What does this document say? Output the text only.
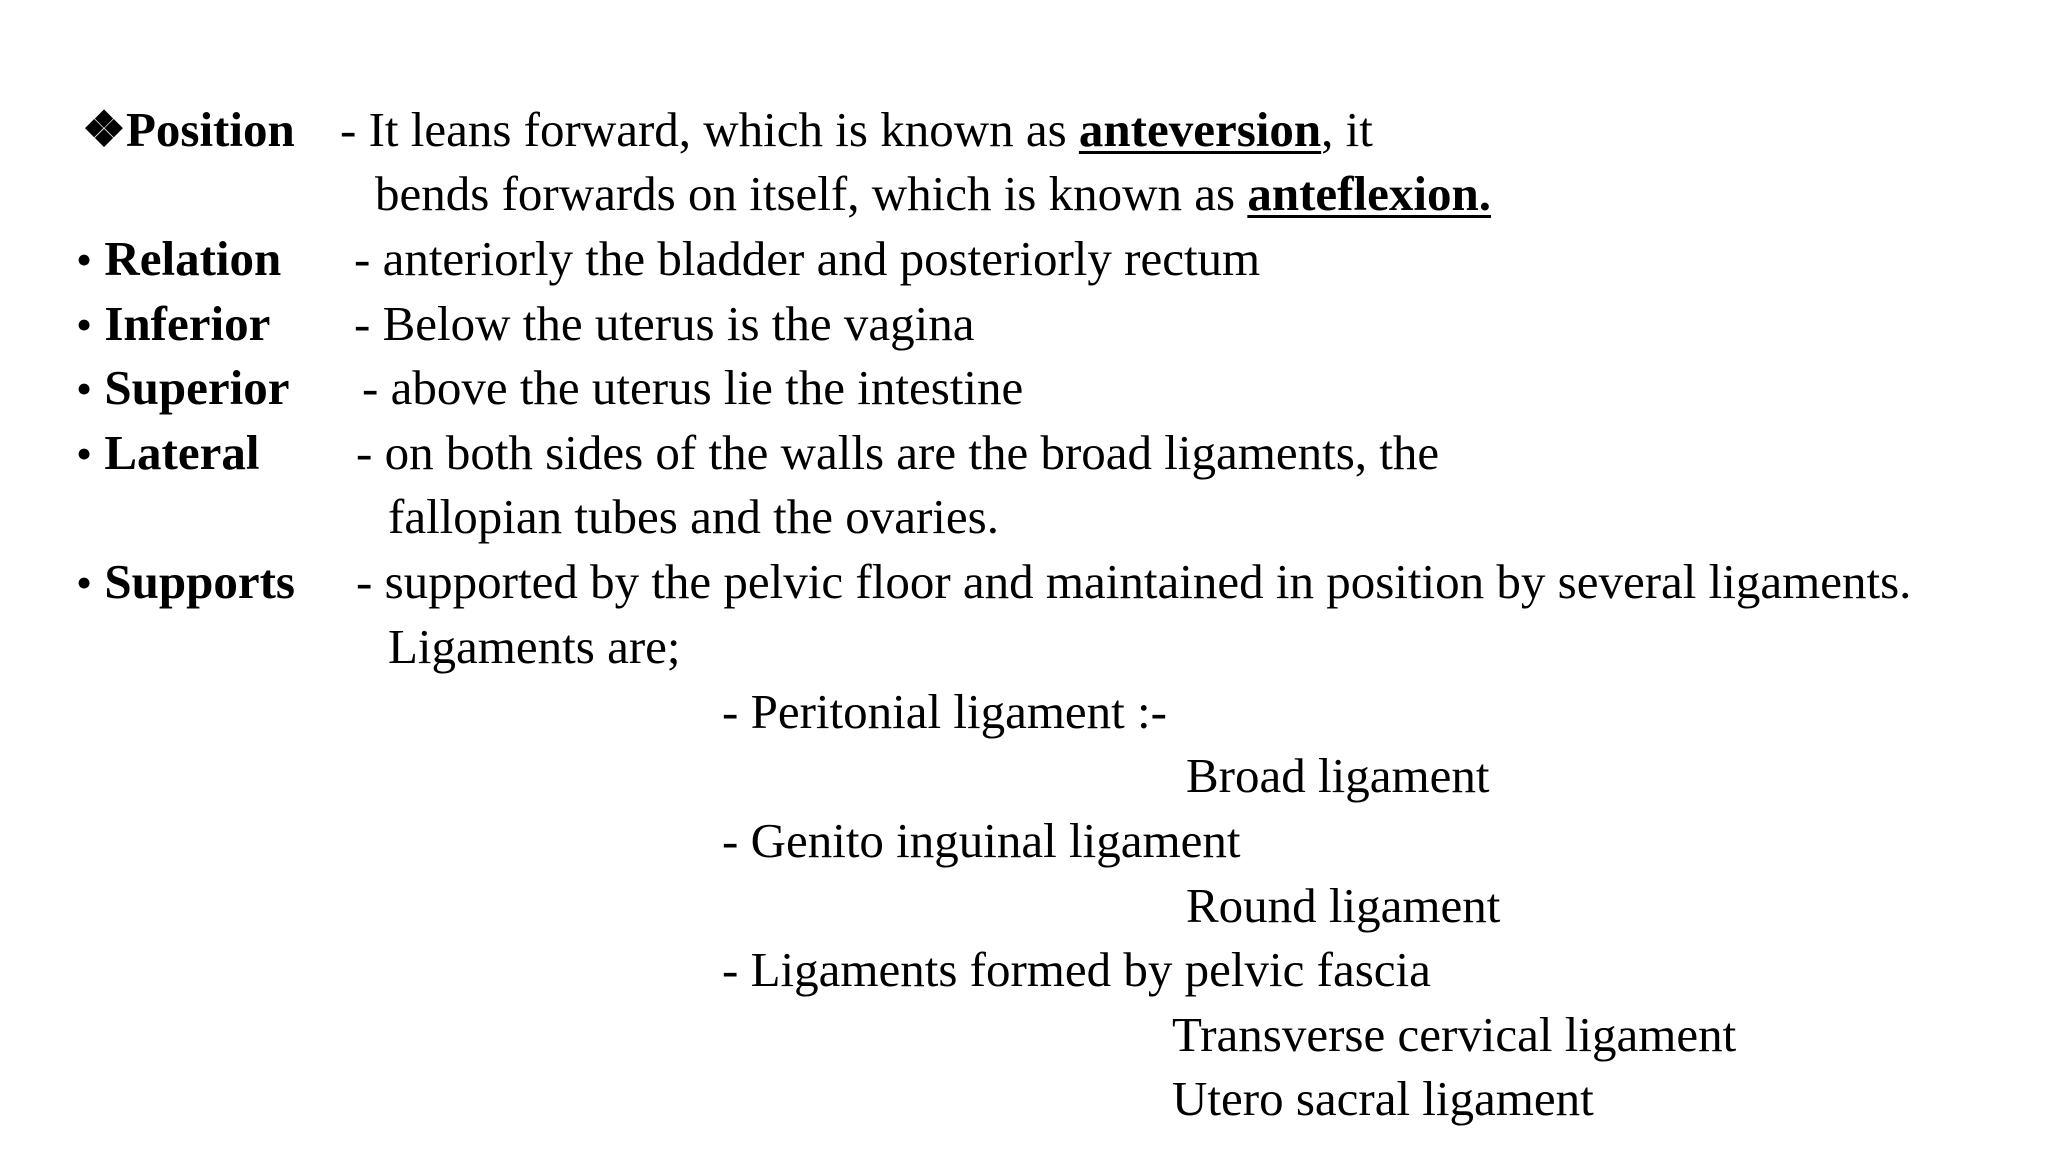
❖Position - It leans forward, which is known as anteversion, it
bends forwards on itself, which is known as anteflexion.
• Relation - anteriorly the bladder and posteriorly rectum
• Inferior - Below the uterus is the vagina
• Superior - above the uterus lie the intestine
• Lateral - on both sides of the walls are the broad ligaments, the
fallopian tubes and the ovaries.
• Supports - supported by the pelvic floor and maintained in position by several ligaments.
Ligaments are;
- Peritonial ligament :-
Broad ligament
- Genito inguinal ligament
Round ligament
- Ligaments formed by pelvic fascia
Transverse cervical ligament
Utero sacral ligament
